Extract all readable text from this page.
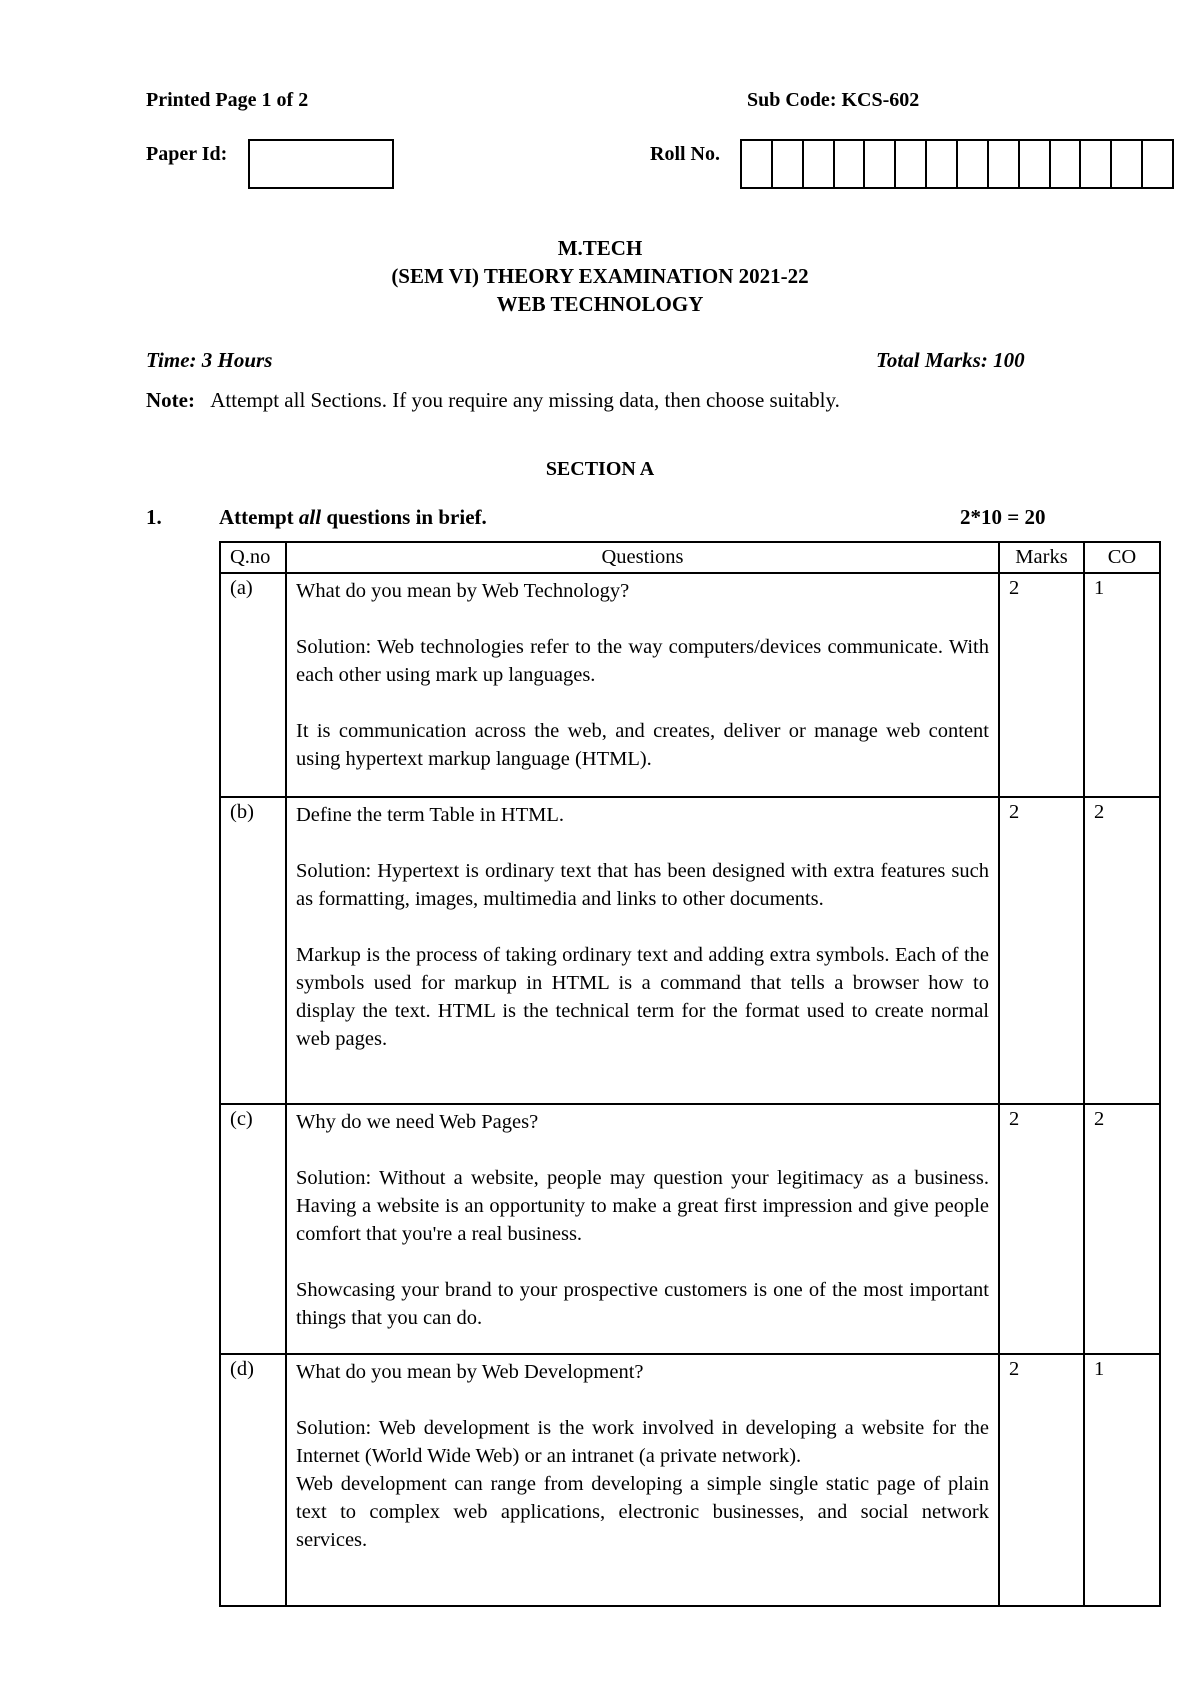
Printed Page 1 of 2	Sub Code: KCS-602
Paper Id:	Roll No.
M.TECH
(SEM VI) THEORY EXAMINATION 2021-22
WEB TECHNOLOGY
Time: 3 Hours	Total Marks: 100
Note: Attempt all Sections. If you require any missing data, then choose suitably.
SECTION A
1.	Attempt all questions in brief.	2*10 = 20
Q.no	Questions	Marks	CO
(a)	What do you mean by Web Technology?

Solution: Web technologies refer to the way computers/devices communicate. With each other using mark up languages.

It is communication across the web, and creates, deliver or manage web content using hypertext markup language (HTML).	2	1
(b)	Define the term Table in HTML.

Solution: Hypertext is ordinary text that has been designed with extra features such as formatting, images, multimedia and links to other documents.

Markup is the process of taking ordinary text and adding extra symbols. Each of the symbols used for markup in HTML is a command that tells a browser how to display the text. HTML is the technical term for the format used to create normal web pages.	2	2
(c)	Why do we need Web Pages?

Solution: Without a website, people may question your legitimacy as a business. Having a website is an opportunity to make a great first impression and give people comfort that you're a real business.

Showcasing your brand to your prospective customers is one of the most important things that you can do.	2	2
(d)	What do you mean by Web Development?

Solution: Web development is the work involved in developing a website for the Internet (World Wide Web) or an intranet (a private network).

Web development can range from developing a simple single static page of plain text to complex web applications, electronic businesses, and social network services.	2	1
